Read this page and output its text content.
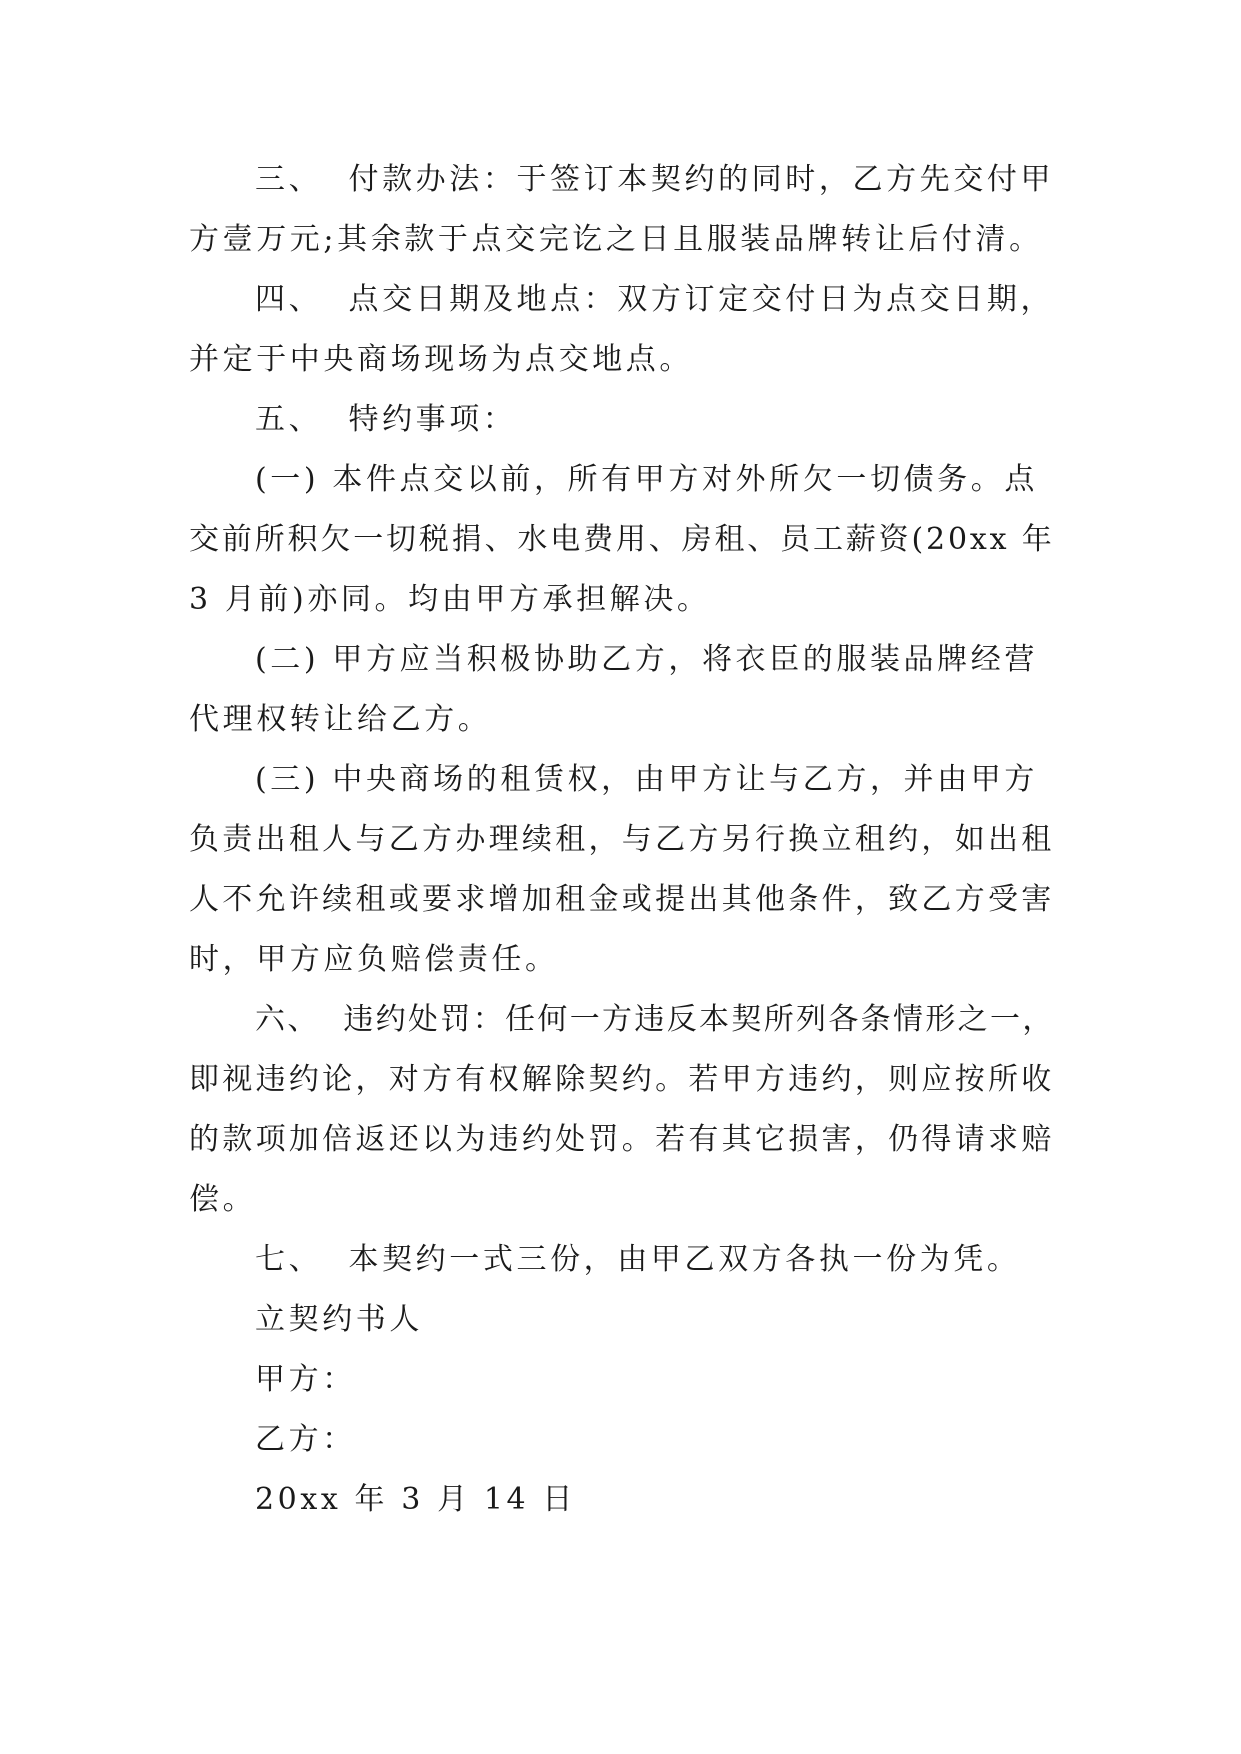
三、  付款办法：于签订本契约的同时，乙方先交付甲
方壹万元;其余款于点交完讫之日且服装品牌转让后付清。
四、  点交日期及地点：双方订定交付日为点交日期，
并定于中央商场现场为点交地点。
五、  特约事项：
(一) 本件点交以前，所有甲方对外所欠一切债务。点
交前所积欠一切税捐、水电费用、房租、员工薪资(20xx 年
3 月前)亦同。均由甲方承担解决。
(二) 甲方应当积极协助乙方，将衣臣的服装品牌经营
代理权转让给乙方。
(三) 中央商场的租赁权，由甲方让与乙方，并由甲方
负责出租人与乙方办理续租，与乙方另行换立租约，如出租
人不允许续租或要求增加租金或提出其他条件，致乙方受害
时，甲方应负赔偿责任。
六、  违约处罚：任何一方违反本契所列各条情形之一，
即视违约论，对方有权解除契约。若甲方违约，则应按所收
的款项加倍返还以为违约处罚。若有其它损害，仍得请求赔
偿。
七、  本契约一式三份，由甲乙双方各执一份为凭。
立契约书人
甲方：
乙方：
20xx 年 3 月 14 日
